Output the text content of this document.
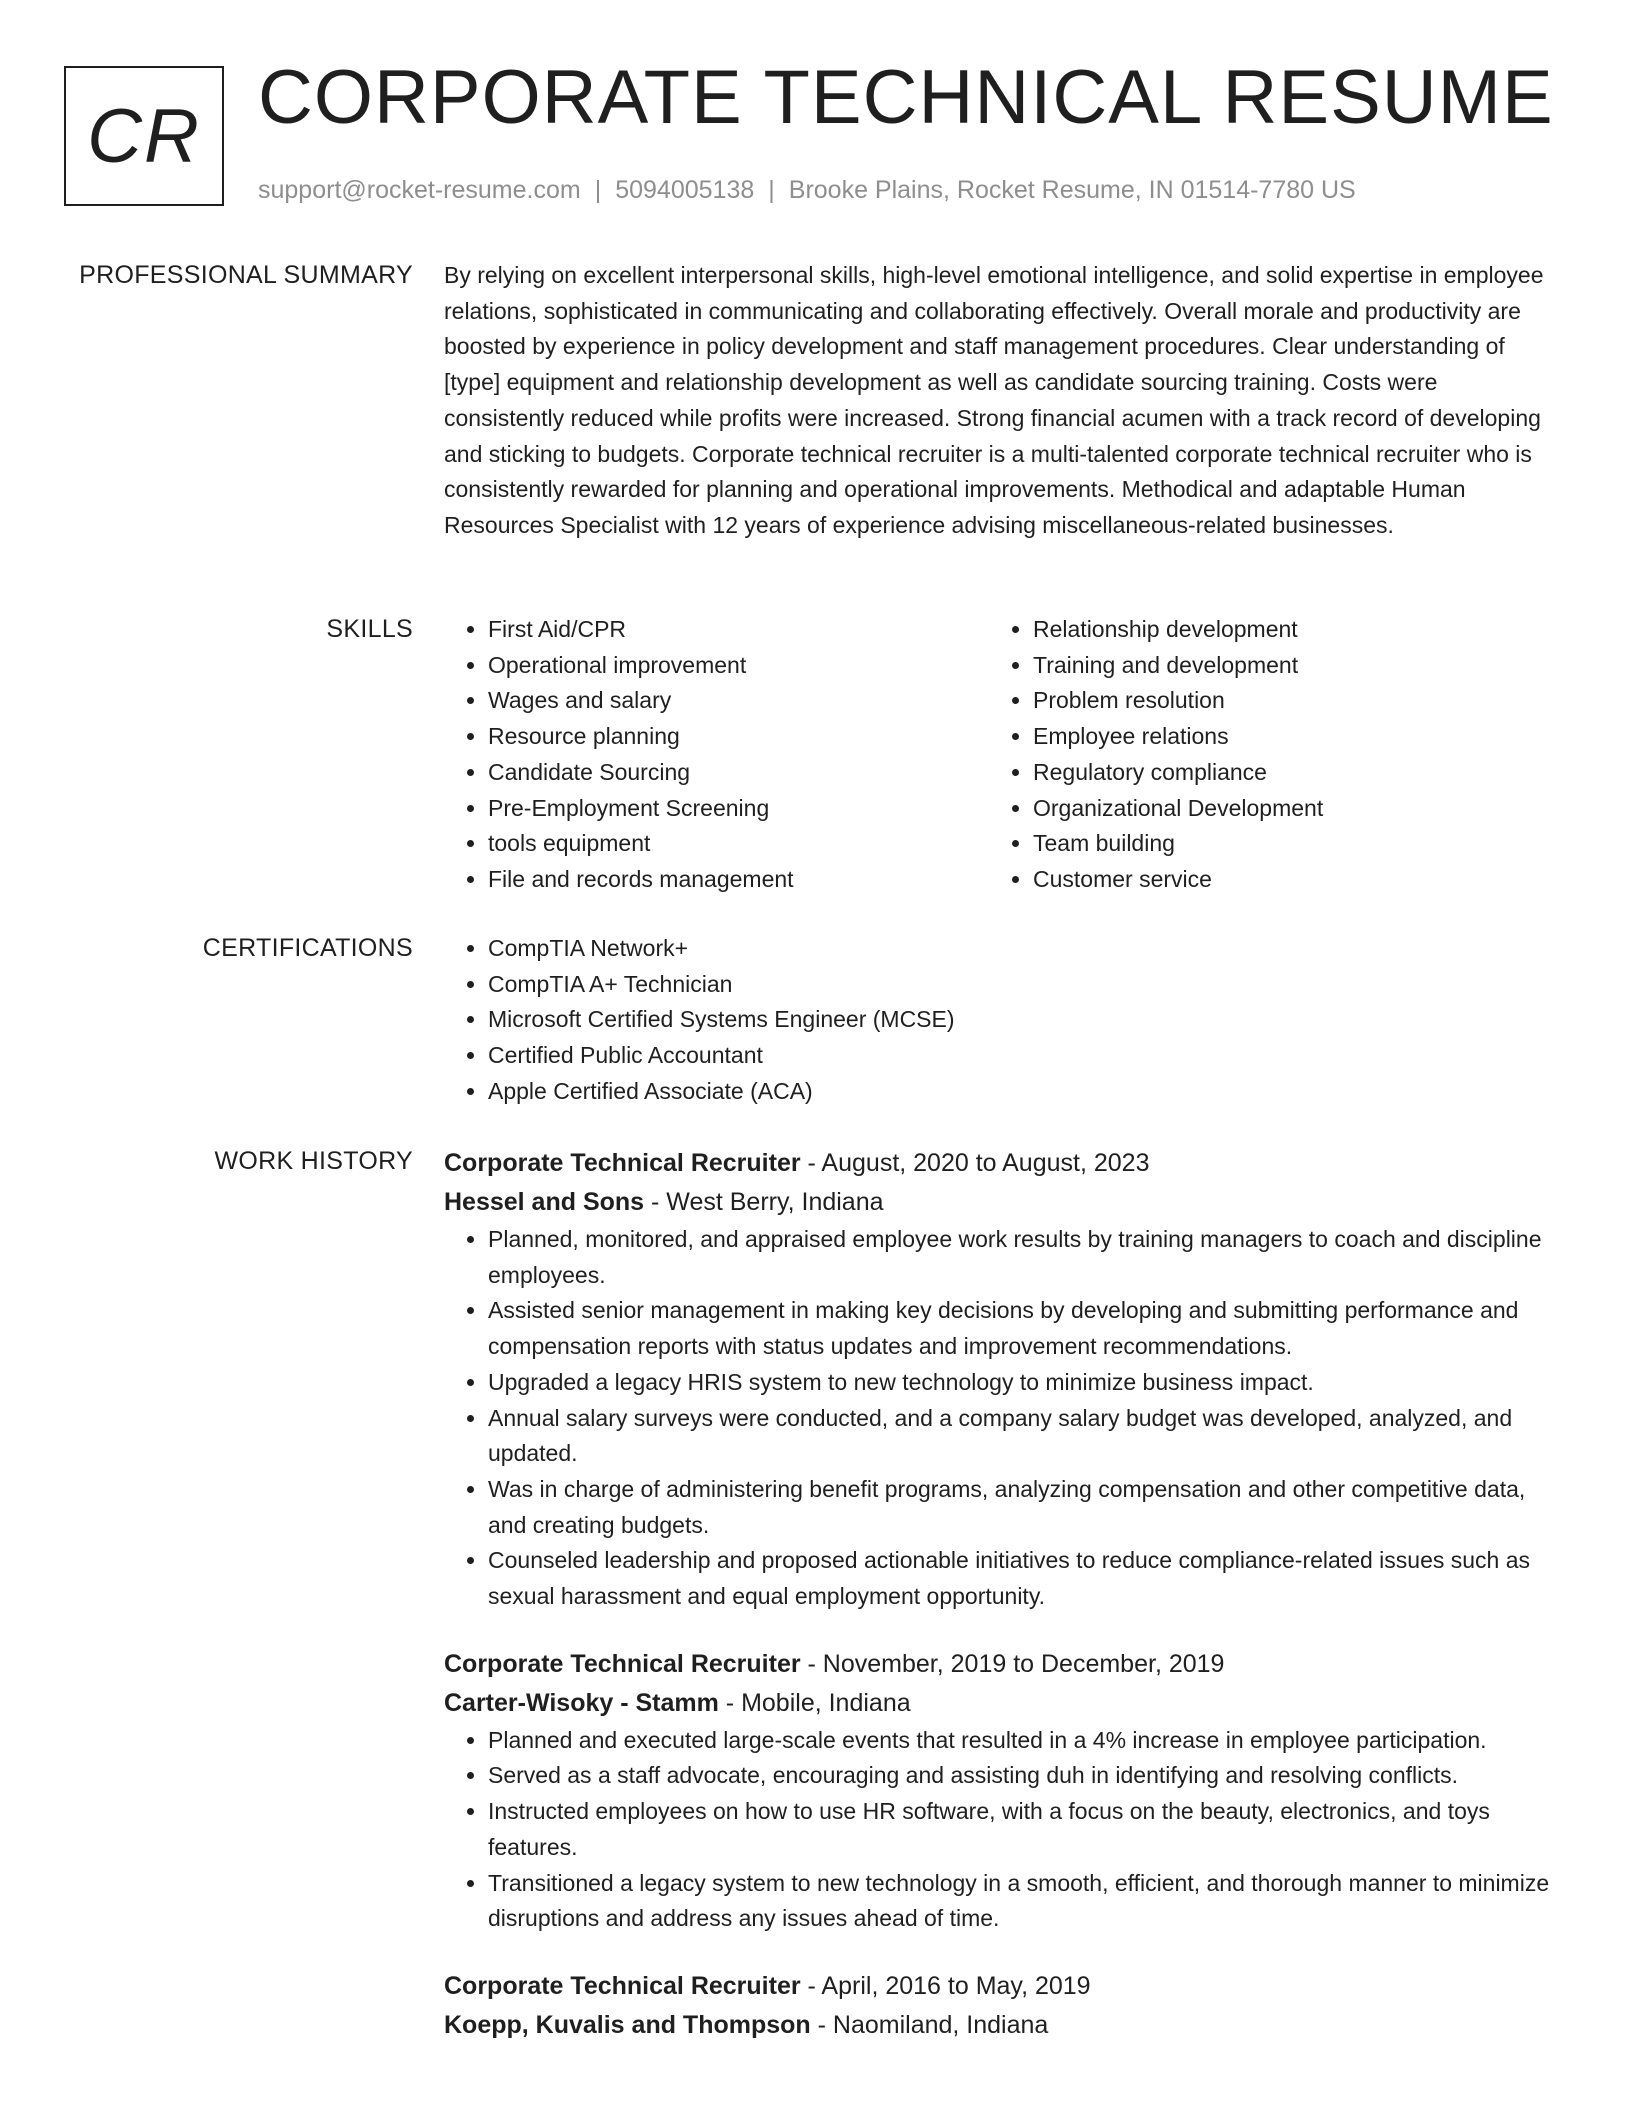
CR CORPORATE TECHNICAL RESUME
support@rocket-resume.com | 5094005138 | Brooke Plains, Rocket Resume, IN 01514-7780 US
PROFESSIONAL SUMMARY By relying on excellent interpersonal skills, high-level emotional intelligence, and solid expertise in employee relations, sophisticated in communicating and collaborating effectively. Overall morale and productivity are boosted by experience in policy development and staff management procedures. Clear understanding of [type] equipment and relationship development as well as candidate sourcing training. Costs were consistently reduced while profits were increased. Strong financial acumen with a track record of developing and sticking to budgets. Corporate technical recruiter is a multi-talented corporate technical recruiter who is consistently rewarded for planning and operational improvements. Methodical and adaptable Human Resources Specialist with 12 years of experience advising miscellaneous-related businesses.

SKILLS	• First Aid/CPR
• Operational improvement
• Wages and salary
• Resource planning
• Candidate Sourcing
• Pre-Employment Screening
• tools equipment
• File and records management
• Relationship development
• Training and development
• Problem resolution
• Employee relations
• Regulatory compliance
• Organizational Development
• Team building
• Customer service
CERTIFICATIONS	• CompTIA Network+
• CompTIA A+ Technician
• Microsoft Certified Systems Engineer (MCSE)
• Certified Public Accountant
• Apple Certified Associate (ACA)
WORK HISTORY Corporate Technical Recruiter - August, 2020 to August, 2023
Hessel and Sons - West Berry, Indiana
• Planned, monitored, and appraised employee work results by training managers to coach and discipline employees.
• Assisted senior management in making key decisions by developing and submitting performance and compensation reports with status updates and improvement recommendations.
• Upgraded a legacy HRIS system to new technology to minimize business impact.
• Annual salary surveys were conducted, and a company salary budget was developed, analyzed, and updated.
• Was in charge of administering benefit programs, analyzing compensation and other competitive data, and creating budgets.
• Counseled leadership and proposed actionable initiatives to reduce compliance-related issues such as sexual harassment and equal employment opportunity.
Corporate Technical Recruiter - November, 2019 to December, 2019
Carter-Wisoky - Stamm - Mobile, Indiana
• Planned and executed large-scale events that resulted in a 4% increase in employee participation.
• Served as a staff advocate, encouraging and assisting duh in identifying and resolving conflicts.
• Instructed employees on how to use HR software, with a focus on the beauty, electronics, and toys features.
• Transitioned a legacy system to new technology in a smooth, efficient, and thorough manner to minimize disruptions and address any issues ahead of time.
Corporate Technical Recruiter - April, 2016 to May, 2019
Koepp, Kuvalis and Thompson - Naomiland, Indiana
